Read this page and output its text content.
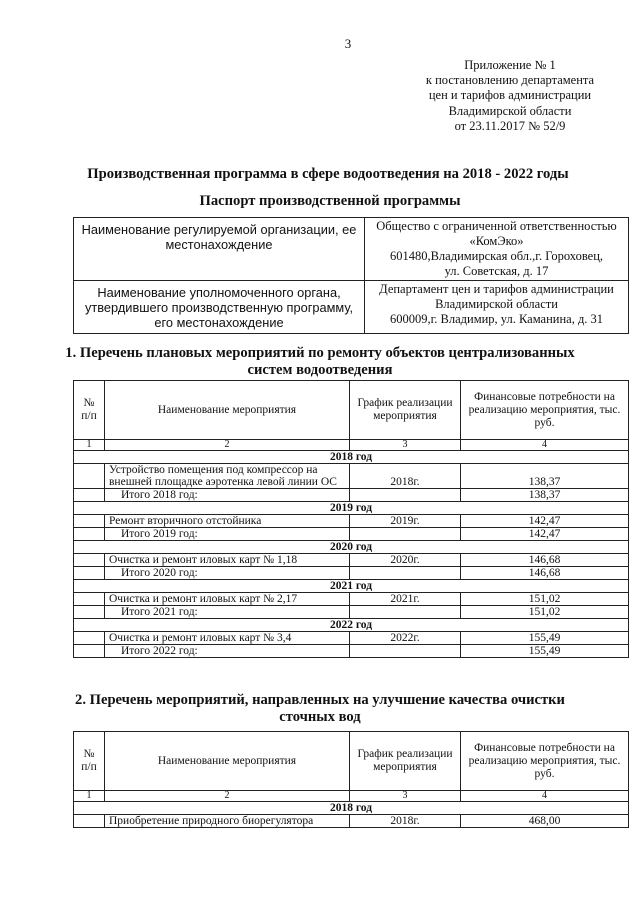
3
Приложение № 1
к постановлению департамента
цен и тарифов администрации
Владимирской области
от 23.11.2017 № 52/9
Производственная программа в сфере водоотведения на 2018 - 2022 годы
Паспорт производственной программы
Наименование регулируемой организации, ее местонахождение	Общество с ограниченной ответственностью
«КомЭко»
601480,Владимирская обл.,г. Гороховец,
ул. Советская, д. 17

Наименование уполномоченного органа, утвердившего производственную программу, его местонахождение	Департамент цен и тарифов администрации
Владимирской области
600009,г. Владимир, ул. Каманина, д. 31
1. Перечень плановых мероприятий по ремонту объектов централизованных
систем водоотведения
№ п/п	Наименование мероприятия	График реализации мероприятия	Финансовые потребности на реализацию мероприятия, тыс. руб.
1	2	3	4
2018 год			
	Устройство помещения под компрессор на внешней площадке аэротенка левой линии ОС	2018г.	138,37
	Итого 2018 год:		138,37
2019 год			
	Ремонт вторичного отстойника	2019г.	142,47
	Итого 2019 год:		142,47
2020 год			
	Очистка и ремонт иловых карт № 1,18	2020г.	146,68
	Итого 2020 год:		146,68
2021 год			
	Очистка и ремонт иловых карт № 2,17	2021г.	151,02
	Итого 2021 год:		151,02
2022 год			
	Очистка и ремонт иловых карт № 3,4	2022г.	155,49
	Итого 2022 год:		155,49
2. Перечень мероприятий, направленных на улучшение качества очистки
сточных вод
№ п/п	Наименование мероприятия	График реализации мероприятия	Финансовые потребности на реализацию мероприятия, тыс. руб.
1	2	3	4
2018 год			
	Приобретение природного биорегулятора	2018г.	468,00
